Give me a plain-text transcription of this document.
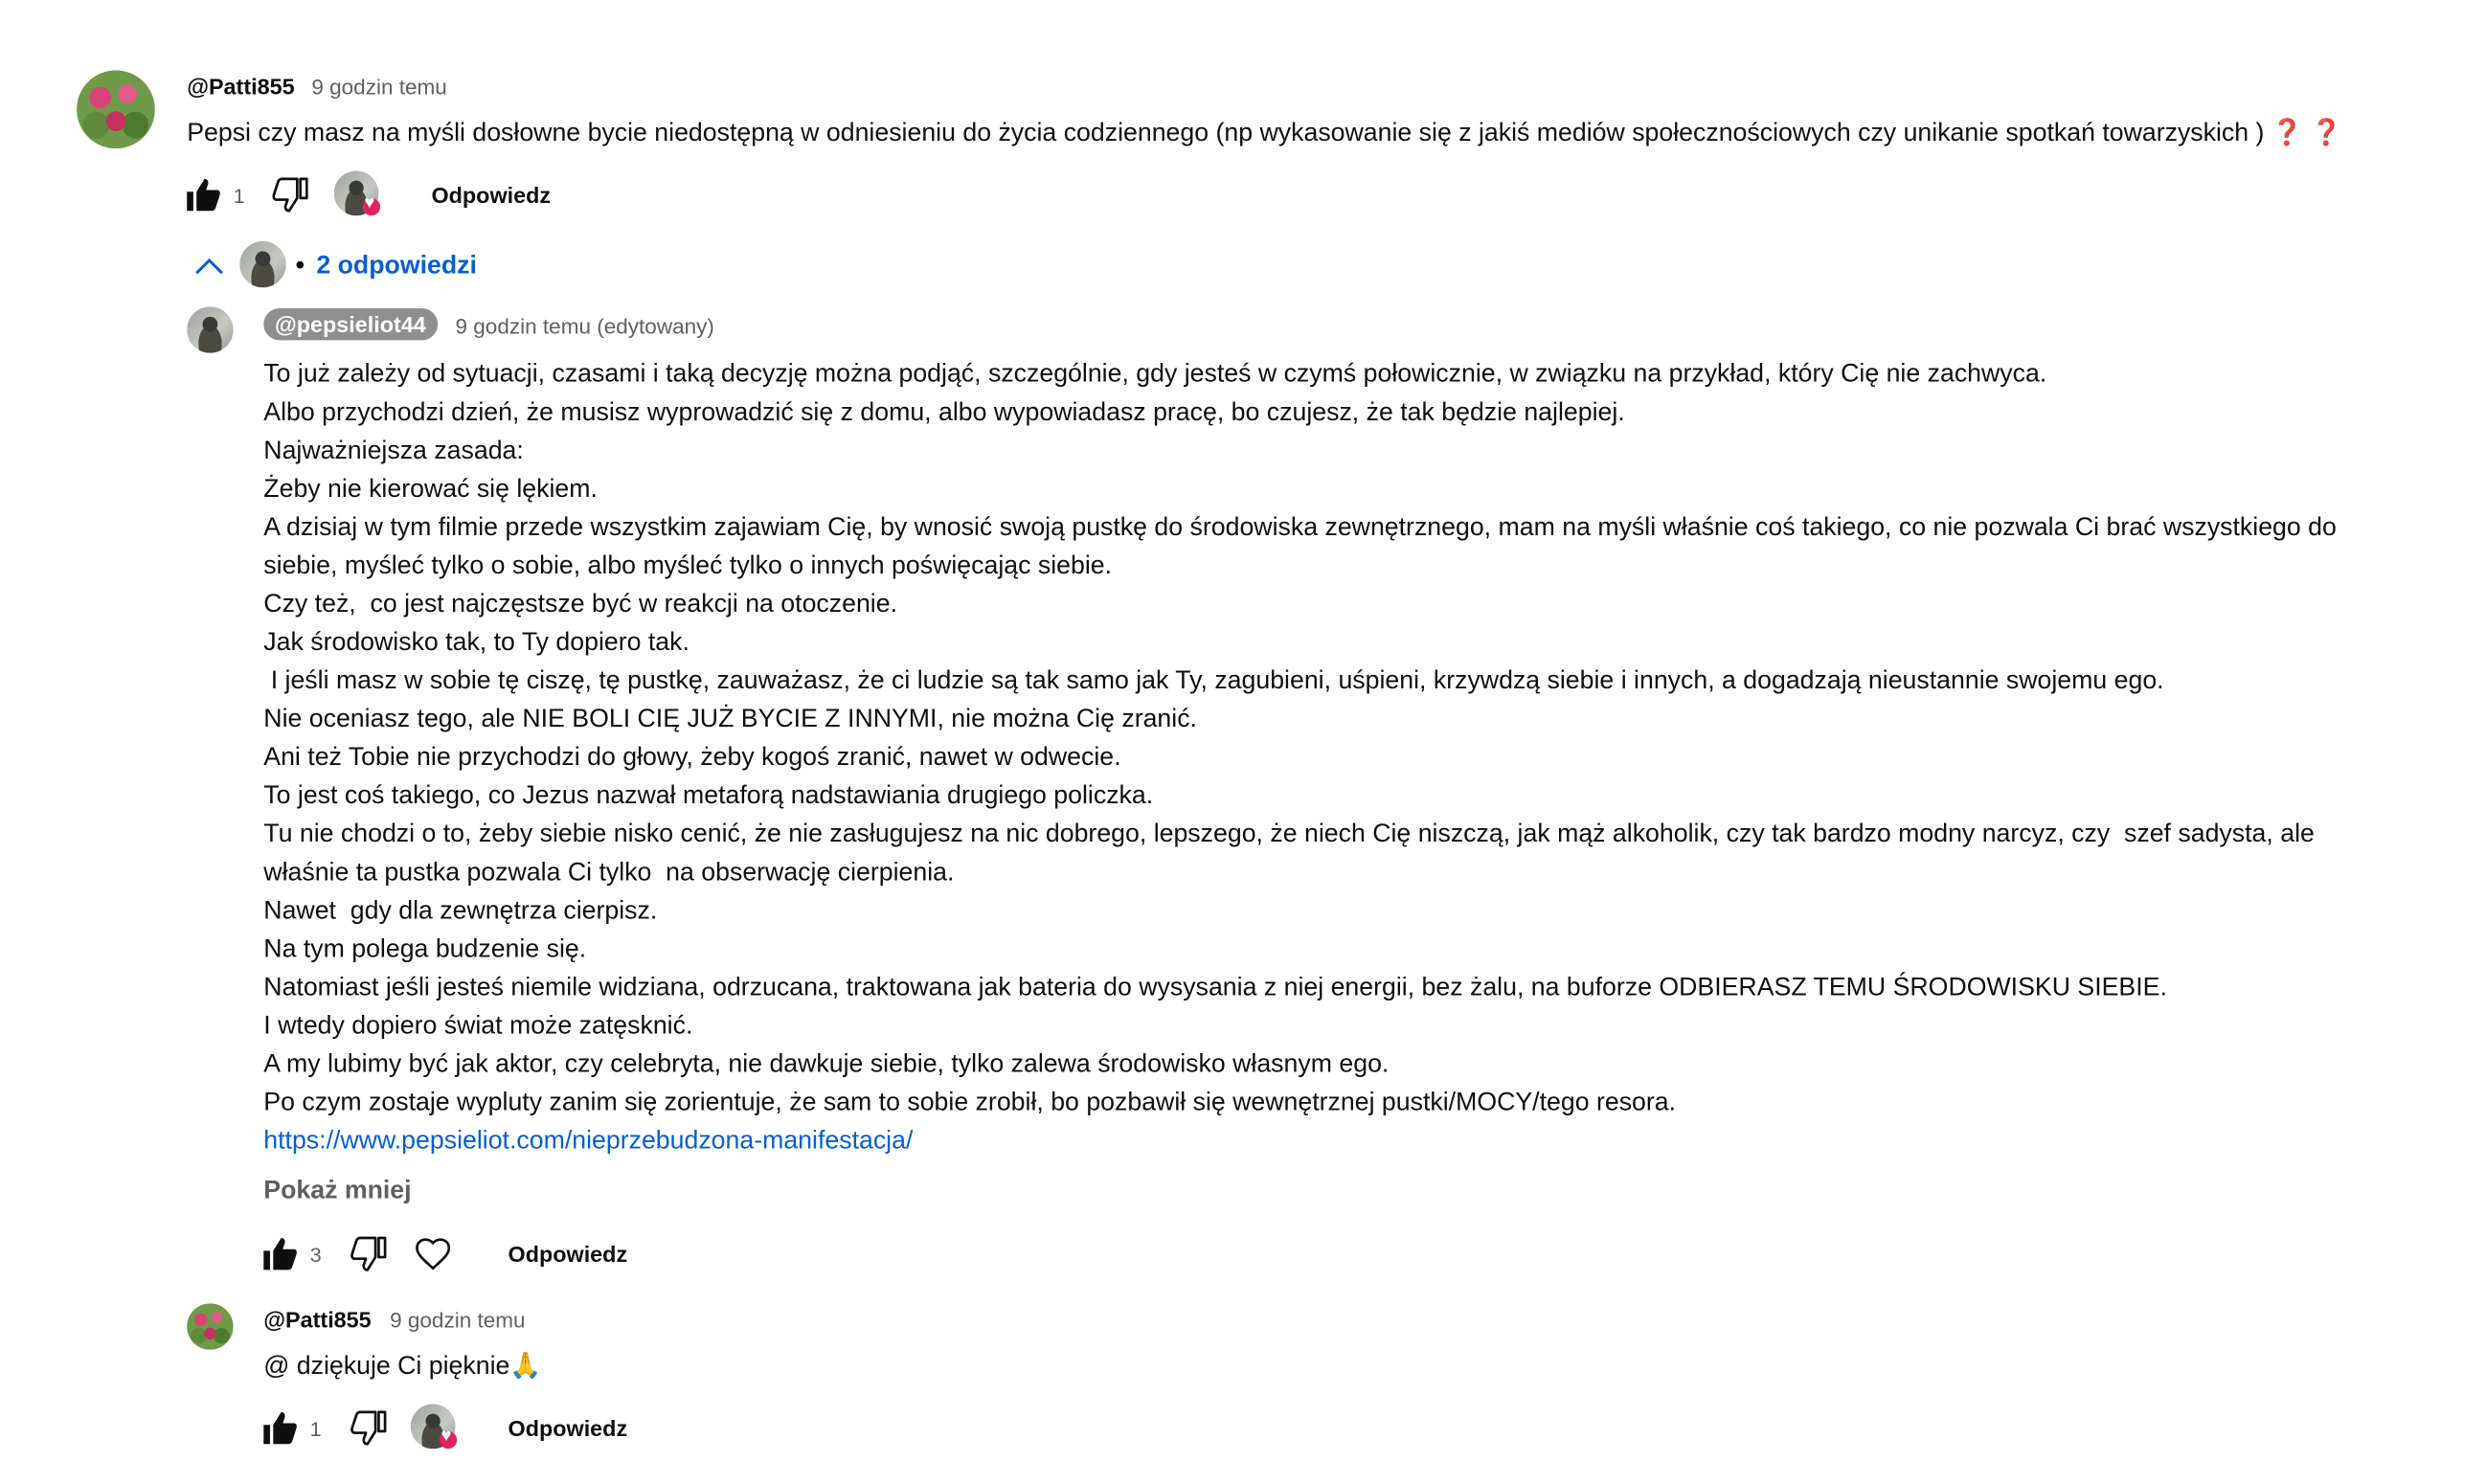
@Patti855 9 godzin temu
Pepsi czy masz na myśli dosłowne bycie niedostępną w odniesieniu do życia codziennego (np wykasowanie się z jakiś mediów społecznościowych czy unikanie spotkań towarzyskich ) ❓ ❓
1 ♥	Odpowiedz
• 2 odpowiedzi
@pepsieliot44	9 godzin temu (edytowany)
To już zależy od sytuacji, czasami i taką decyzję można podjąć, szczególnie, gdy jesteś w czymś połowicznie, w związku na przykład, który Cię nie zachwyca.
Albo przychodzi dzień, że musisz wyprowadzić się z domu, albo wypowiadasz pracę, bo czujesz, że tak będzie najlepiej.
Najważniejsza zasada:
Żeby nie kierować się lękiem.
A dzisiaj w tym filmie przede wszystkim zajawiam Cię, by wnosić swoją pustkę do środowiska zewnętrznego, mam na myśli właśnie coś takiego, co nie pozwala Ci brać wszystkiego do
siebie, myśleć tylko o sobie, albo myśleć tylko o innych poświęcając siebie.
Czy też,  co jest najczęstsze być w reakcji na otoczenie.
Jak środowisko tak, to Ty dopiero tak.
I jeśli masz w sobie tę ciszę, tę pustkę, zauważasz, że ci ludzie są tak samo jak Ty, zagubieni, uśpieni, krzywdzą siebie i innych, a dogadzają nieustannie swojemu ego.
Nie oceniasz tego, ale NIE BOLI CIĘ JUŻ BYCIE Z INNYMI, nie można Cię zranić.
Ani też Tobie nie przychodzi do głowy, żeby kogoś zranić, nawet w odwecie.
To jest coś takiego, co Jezus nazwał metaforą nadstawiania drugiego policzka.
Tu nie chodzi o to, żeby siebie nisko cenić, że nie zasługujesz na nic dobrego, lepszego, że niech Cię niszczą, jak mąż alkoholik, czy tak bardzo modny narcyz, czy  szef sadysta, ale
właśnie ta pustka pozwala Ci tylko  na obserwację cierpienia.
Nawet  gdy dla zewnętrza cierpisz.
Na tym polega budzenie się.
Natomiast jeśli jesteś niemile widziana, odrzucana, traktowana jak bateria do wysysania z niej energii, bez żalu, na buforze ODBIERASZ TEMU ŚRODOWISKU SIEBIE.
I wtedy dopiero świat może zatęsknić.
A my lubimy być jak aktor, czy celebryta, nie dawkuje siebie, tylko zalewa środowisko własnym ego.
Po czym zostaje wypluty zanim się zorientuje, że sam to sobie zrobił, bo pozbawił się wewnętrznej pustki/MOCY/tego resora.
https://www.pepsieliot.com/nieprzebudzona-manifestacja/
Pokaż mniej
3	Odpowiedz
@Patti855 9 godzin temu
@ dziękuje Ci pięknie🙏
1 ♥	Odpowiedz
